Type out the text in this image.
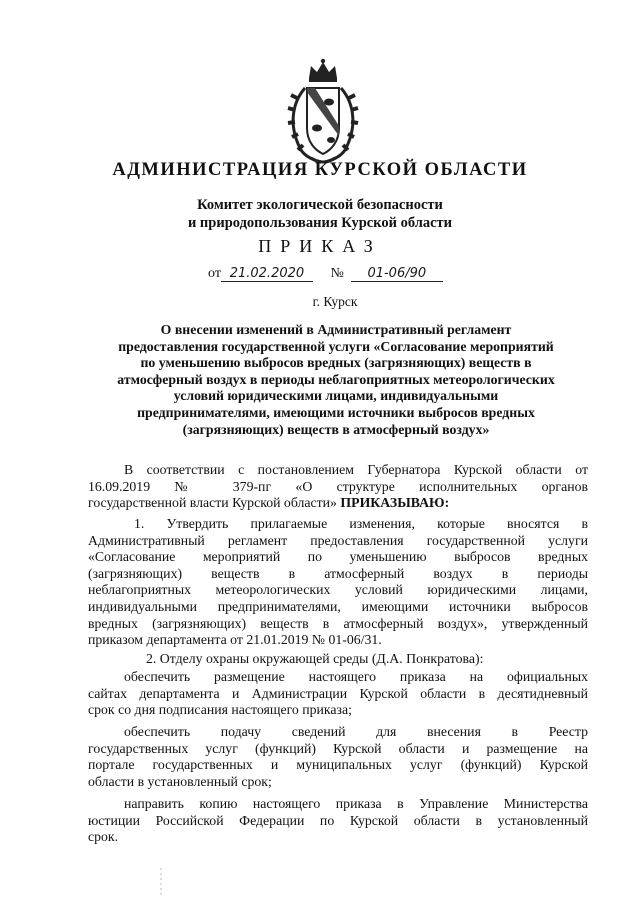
АДМИНИСТРАЦИЯ КУРСКОЙ ОБЛАСТИ
Комитет экологической безопасности
и природопользования Курской области
ПРИКАЗ
от 21.02.2020 № 01-06/90
г. Курск
О внесении изменений в Административный регламент
предоставления государственной услуги «Согласование мероприятий
по уменьшению выбросов вредных (загрязняющих) веществ в
атмосферный воздух в периоды неблагоприятных метеорологических
условий юридическими лицами, индивидуальными
предпринимателями, имеющими источники выбросов вредных
(загрязняющих) веществ в атмосферный воздух»
В соответствии с постановлением Губернатора Курской области от
16.09.2019 № 379-пг «О структуре исполнительных органов
государственной власти Курской области» ПРИКАЗЫВАЮ:
1. Утвердить прилагаемые изменения, которые вносятся в
Административный регламент предоставления государственной услуги
«Согласование мероприятий по уменьшению выбросов вредных
(загрязняющих) веществ в атмосферный воздух в периоды
неблагоприятных метеорологических условий юридическими лицами,
индивидуальными предпринимателями, имеющими источники выбросов
вредных (загрязняющих) веществ в атмосферный воздух», утвержденный
приказом департамента от 21.01.2019 № 01-06/31.
2. Отделу охраны окружающей среды (Д.А. Понкратова):
обеспечить размещение настоящего приказа на официальных
сайтах департамента и Администрации Курской области в десятидневный
срок со дня подписания настоящего приказа;
обеспечить подачу сведений для внесения в Реестр
государственных услуг (функций) Курской области и размещение на
портале государственных и муниципальных услуг (функций) Курской
области в установленный срок;
направить копию настоящего приказа в Управление Министерства
юстиции Российской Федерации по Курской области в установленный
срок.
